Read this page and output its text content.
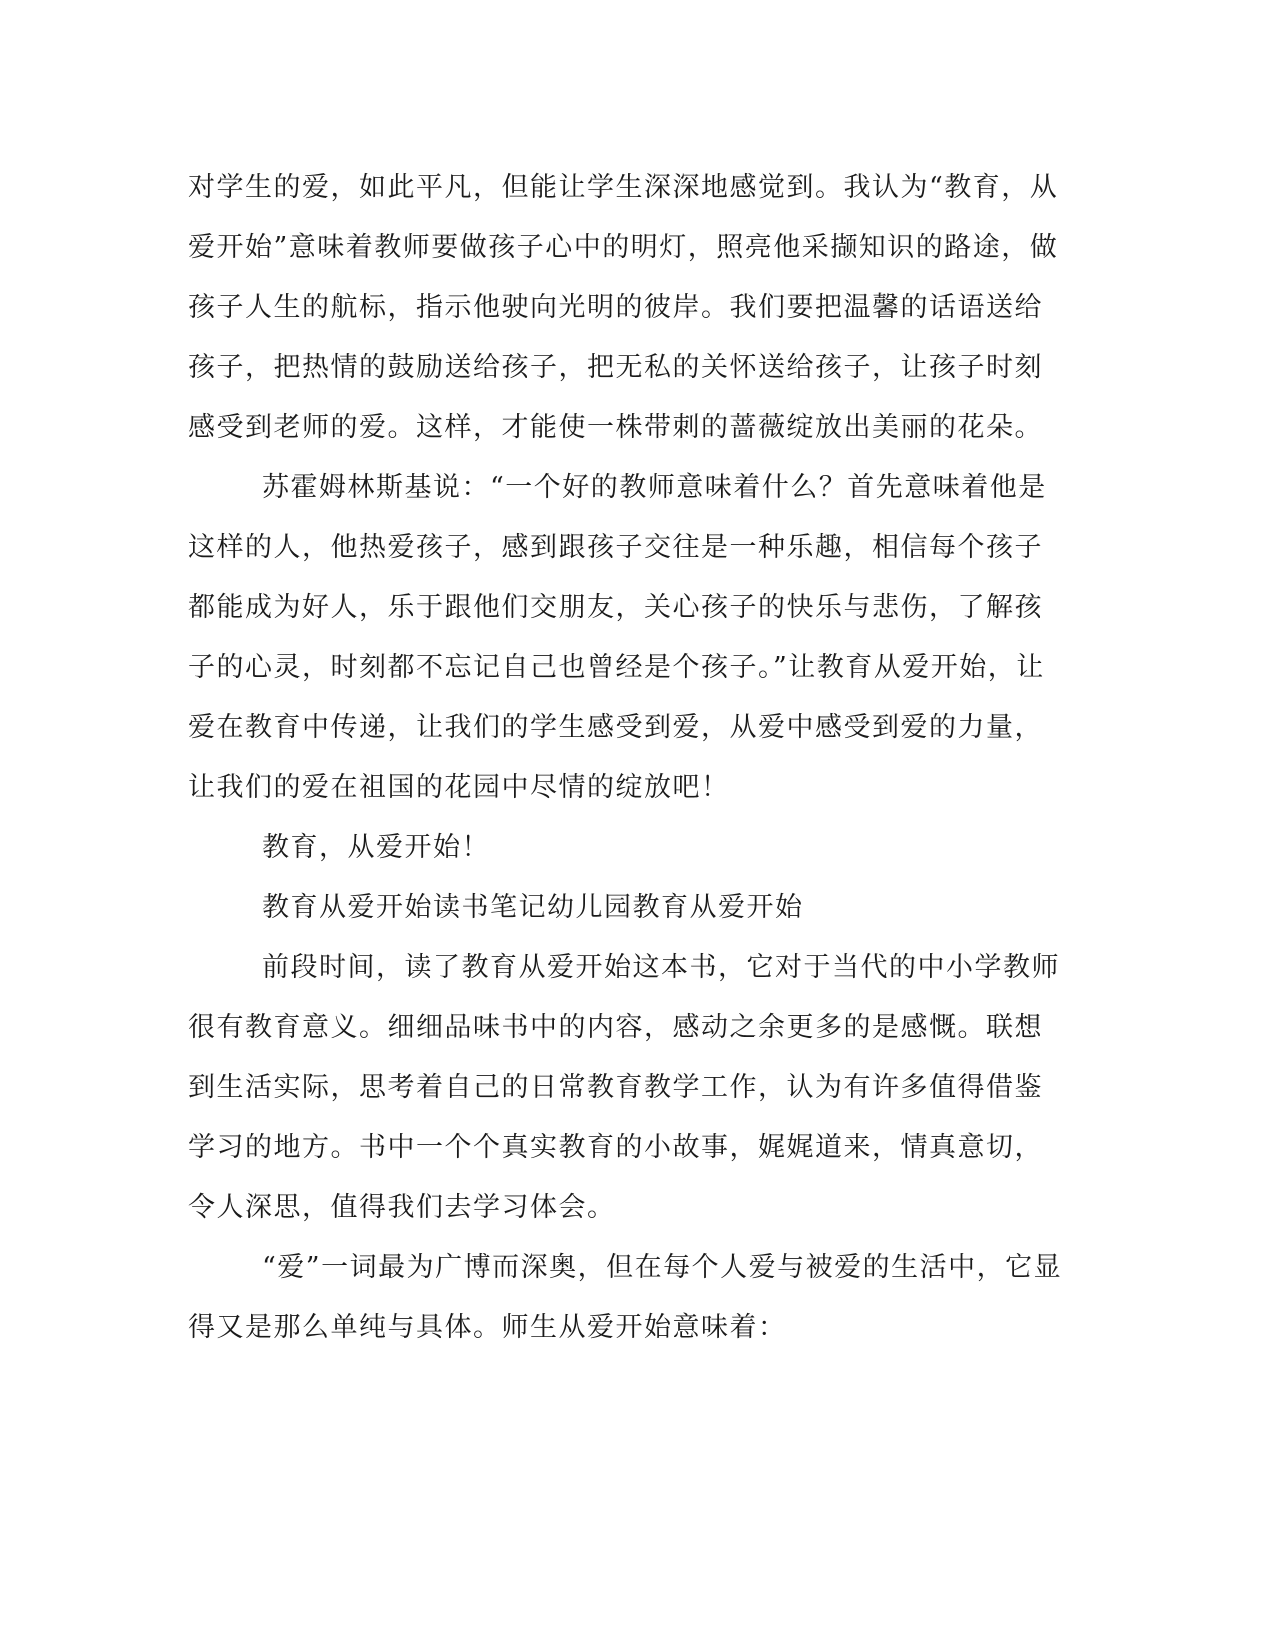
对学生的爱，如此平凡，但能让学生深深地感觉到。我认为“教育，从

爱开始”意味着教师要做孩子心中的明灯，照亮他采撷知识的路途，做

孩子人生的航标，指示他驶向光明的彼岸。我们要把温馨的话语送给

孩子，把热情的鼓励送给孩子，把无私的关怀送给孩子，让孩子时刻

感受到老师的爱。这样，才能使一株带刺的蔷薇绽放出美丽的花朵。

苏霍姆林斯基说：“一个好的教师意味着什么？首先意味着他是

这样的人，他热爱孩子，感到跟孩子交往是一种乐趣，相信每个孩子

都能成为好人，乐于跟他们交朋友，关心孩子的快乐与悲伤，了解孩

子的心灵，时刻都不忘记自己也曾经是个孩子。”让教育从爱开始，让

爱在教育中传递，让我们的学生感受到爱，从爱中感受到爱的力量，

让我们的爱在祖国的花园中尽情的绽放吧！

教育，从爱开始！

教育从爱开始读书笔记幼儿园教育从爱开始

前段时间，读了教育从爱开始这本书，它对于当代的中小学教师

很有教育意义。细细品味书中的内容，感动之余更多的是感慨。联想

到生活实际，思考着自己的日常教育教学工作，认为有许多值得借鉴

学习的地方。书中一个个真实教育的小故事，娓娓道来，情真意切，

令人深思，值得我们去学习体会。

“爱”一词最为广博而深奥，但在每个人爱与被爱的生活中，它显

得又是那么单纯与具体。师生从爱开始意味着：
